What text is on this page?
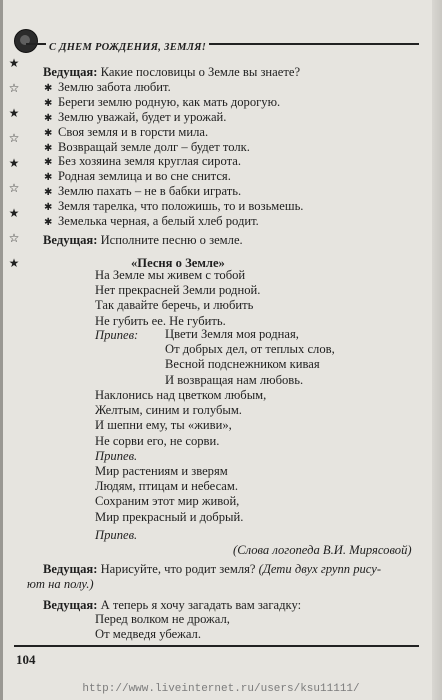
С ДНЕМ РОЖДЕНИЯ, ЗЕМЛЯ!
★
☆
★
☆
★
☆
★
☆
★
Ведущая: Какие пословицы о Земле вы знаете?
✱ Землю забота любит.
✱ Береги землю родную, как мать дорогую.
✱ Землю уважай, будет и урожай.
✱ Своя земля и в горсти мила.
✱ Возвращай земле долг – будет толк.
✱ Без хозяина земля круглая сирота.
✱ Родная землица и во сне снится.
✱ Землю пахать – не в бабки играть.
✱ Земля тарелка, что положишь, то и возьмешь.
✱ Земелька черная, а белый хлеб родит.
Ведущая: Исполните песню о земле.
«Песня о Земле»
На Земле мы живем с тобой
Нет прекрасней Земли родной.
Так давайте беречь, и любить
Не губить ее. Не губить.
Припев: Цвети Земля моя родная,
От добрых дел, от теплых слов,
Весной подснежником кивая
И возвращая нам любовь.
Наклонись над цветком любым,
Желтым, синим и голубым.
И шепни ему, ты «живи»,
Не сорви его, не сорви.
Припев.
Мир растениям и зверям
Людям, птицам и небесам.
Сохраним этот мир живой,
Мир прекрасный и добрый.
Припев.
(Слова логопеда В.И. Мирясовой)
Ведущая: Нарисуйте, что родит земля? (Дети двух групп рису-
ют на полу.)
Ведущая: А теперь я хочу загадать вам загадку:
Перед волком не дрожал,
От медведя убежал.
104
http://www.liveinternet.ru/users/ksu11111/
